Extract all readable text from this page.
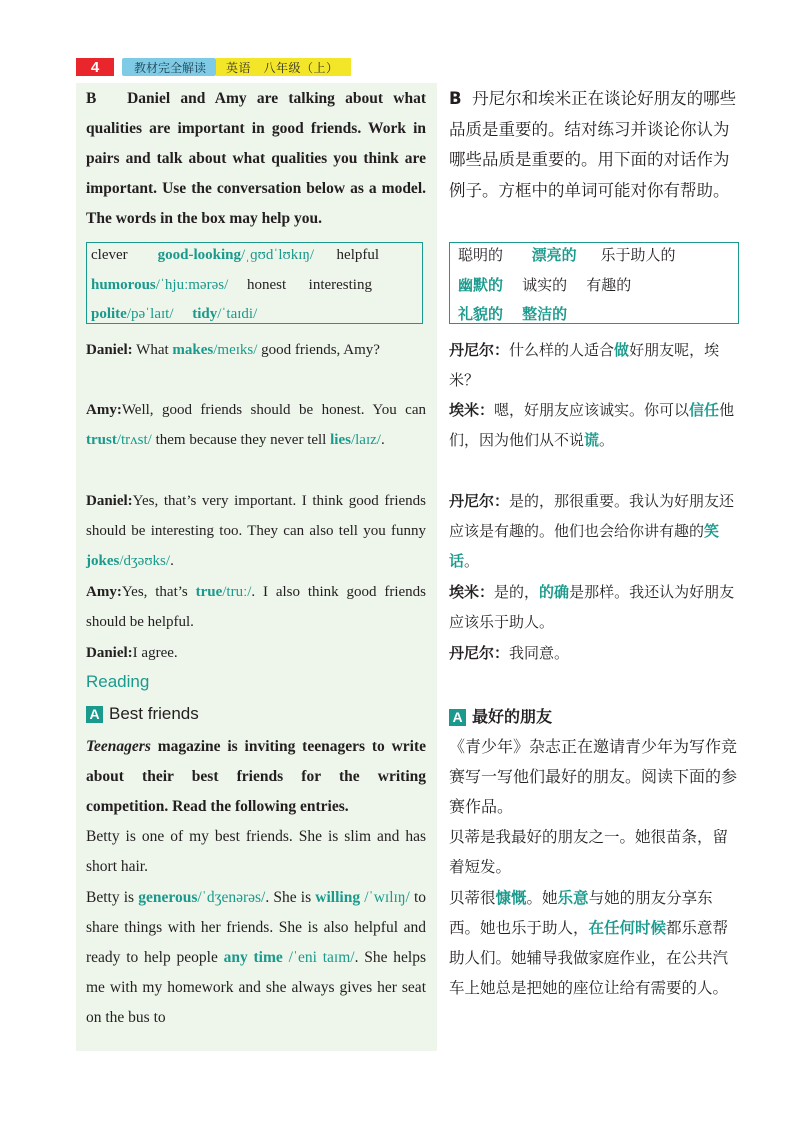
4	教材完全解读	英语　八年级（上）
B Daniel and Amy are talking about what qualities are important in good friends. Work in pairs and talk about what qualities you think are important. Use the conversation below as a model. The words in the box may help you.
B 丹尼尔和埃米正在谈论好朋友的哪些品质是重要的。结对练习并谈论你认为哪些品质是重要的。用下面的对话作为例子。方框中的单词可能对你有帮助。
clever good-looking/ˌɡʊdˈlʊkɪŋ/ helpful
humorous/ˈhjuːmərəs/ honest interesting
polite/pəˈlaɪt/ tidy/ˈtaɪdi/
聪明的 漂亮的 乐于助人的
幽默的 诚实的 有趣的
礼貌的 整洁的
Daniel: What makes/meɪks/ good friends, Amy?
Amy:Well, good friends should be honest. You can trust/trʌst/ them because they never tell lies/laɪz/.
Daniel:Yes, that’s very important. I think good friends should be interesting too. They can also tell you funny jokes/dʒəʊks/.
Amy:Yes, that’s true/truː/. I also think good friends should be helpful.
Daniel:I agree.
丹尼尔：什么样的人适合做好朋友呢，埃米？
埃米：嗯，好朋友应该诚实。你可以信任他们，因为他们从不说谎。
丹尼尔：是的，那很重要。我认为好朋友还应该是有趣的。他们也会给你讲有趣的笑话。
埃米：是的，的确是那样。我还认为好朋友应该乐于助人。
丹尼尔：我同意。
Reading
A Best friends	A 最好的朋友
Teenagers magazine is inviting teenagers to write about their best friends for the writing competition. Read the following entries.
《青少年》杂志正在邀请青少年为写作竞赛写一写他们最好的朋友。阅读下面的参赛作品。
Betty is one of my best friends. She is slim and has short hair.
贝蒂是我最好的朋友之一。她很苗条，留着短发。
Betty is generous/ˈdʒenərəs/. She is willing /ˈwɪlɪŋ/ to share things with her friends. She is also helpful and ready to help people any time /ˈeni taɪm/. She helps me with my homework and she always gives her seat on the bus to
贝蒂很慷慨。她乐意与她的朋友分享东西。她也乐于助人，在任何时候都乐意帮助人们。她辅导我做家庭作业，在公共汽车上她总是把她的座位让给有需要的人。
